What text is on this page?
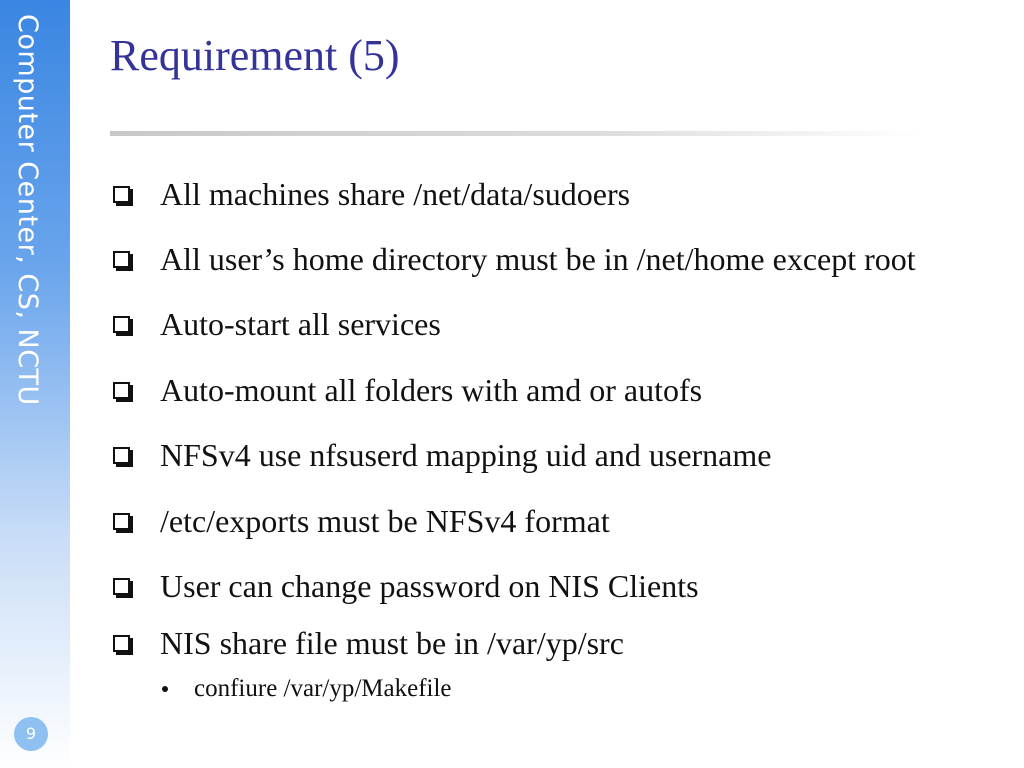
Computer Center, CS, NCTU
9
Requirement (5)
All machines share /net/data/sudoers
All user’s home directory must be in /net/home except root
Auto-start all services
Auto-mount all folders with amd or autofs
NFSv4 use nfsuserd mapping uid and username
/etc/exports must be NFSv4 format
User can change password on NIS Clients
NIS share file must be in /var/yp/src
confiure /var/yp/Makefile
